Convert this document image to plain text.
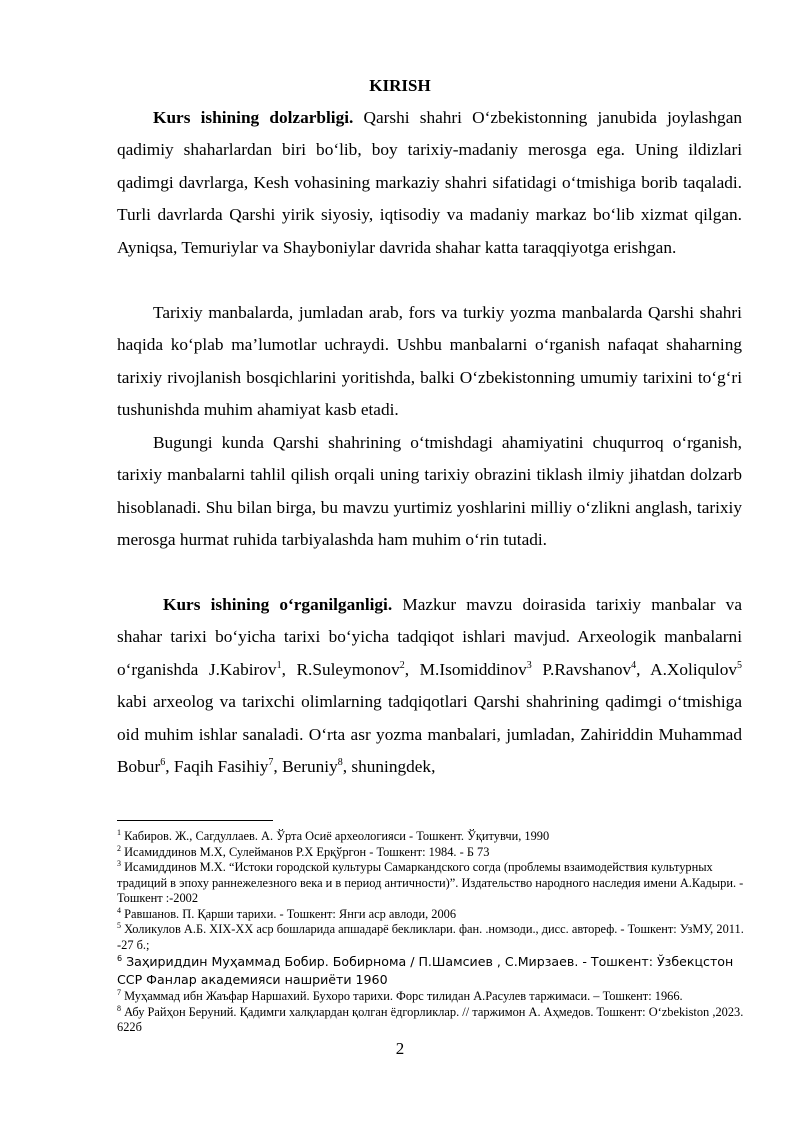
KIRISH
Kurs ishining dolzarbligi. Qarshi shahri O‘zbekistonning janubida joylashgan qadimiy shaharlardan biri bo‘lib, boy tarixiy-madaniy merosga ega. Uning ildizlari qadimgi davrlarga, Kesh vohasining markaziy shahri sifatidagi o‘tmishiga borib taqaladi. Turli davrlarda Qarshi yirik siyosiy, iqtisodiy va madaniy markaz bo‘lib xizmat qilgan. Ayniqsa, Temuriylar va Shayboniylar davrida shahar katta taraqqiyotga erishgan.
Tarixiy manbalarda, jumladan arab, fors va turkiy yozma manbalarda Qarshi shahri haqida ko‘plab ma’lumotlar uchraydi. Ushbu manbalarni o‘rganish nafaqat shaharning tarixiy rivojlanish bosqichlarini yoritishda, balki O‘zbekistonning umumiy tarixini to‘g‘ri tushunishda muhim ahamiyat kasb etadi.
Bugungi kunda Qarshi shahrining o‘tmishdagi ahamiyatini chuqurroq o‘rganish, tarixiy manbalarni tahlil qilish orqali uning tarixiy obrazini tiklash ilmiy jihatdan dolzarb hisoblanadi. Shu bilan birga, bu mavzu yurtimiz yoshlarini milliy o‘zlikni anglash, tarixiy merosga hurmat ruhida tarbiyalashda ham muhim o‘rin tutadi.
Kurs ishining o‘rganilganligi. Mazkur mavzu doirasida tarixiy manbalar va shahar tarixi bo‘yicha tarixi bo‘yicha tadqiqot ishlari mavjud. Arxeologik manbalarni o‘rganishda J.Kabirov$^1$, R.Suleymonov$^2$, M.Isomiddinov$^3$ P.Ravshanov$^4$, A.Xoliqulov$^5$ kabi arxeolog va tarixchi olimlarning tadqiqotlari Qarshi shahrining qadimgi o‘tmishiga oid muhim ishlar sanaladi. O‘rta asr yozma manbalari, jumladan, Zahiriddin Muhammad Bobur$^6$, Faqih Fasihiy$^7$, Beruniy$^8$, shuningdek,

$^1$ Кабиров. Ж., Сагдуллаев. А. Ўрта Осиё археологияси - Тошкент. Ўқитувчи, 1990

$^2$ Исамиддинов М.Х, Сулейманов Р.Х Ерқўргон - Тошкент: 1984. - Б 73

$^3$ Исамиддинов М.Х. “Истоки городской культуры Самаркандского согда (проблемы взаимодействия культурных традиций в эпоху раннежелезного века и в период античности)”. Издательство народного наследия имени А.Кадыри. - Тошкент :-2002

$^4$ Равшанов. П. Қарши тарихи. - Тошкент: Янги аср авлоди, 2006

$^5$ Холикулов А.Б. XIX-XX аср бошларида апшадарё бекликлари. фан. .номзоди., дисс. автореф. - Тошкент: УзМУ, 2011. -27 б.;

$^6$ Заҳириддин Муҳаммад Бобир. Бобирнома / П.Шамсиев , С.Мирзаев. - Тошкент: Ўзбекцстон ССР Фанлар академияси нашриёти 1960

$^7$ Муҳаммад ибн Жаъфар Наршахий. Бухоро тарихи. Форс тилидан А.Расулев таржимаси. – Тошкент: 1966.

$^8$ Абу Райҳон Беруний. Қадимги халқлардан қолган ёдгорликлар. // таржимон А. Аҳмедов. Тошкент: O‘zbekiston ,2023. 622б

2
